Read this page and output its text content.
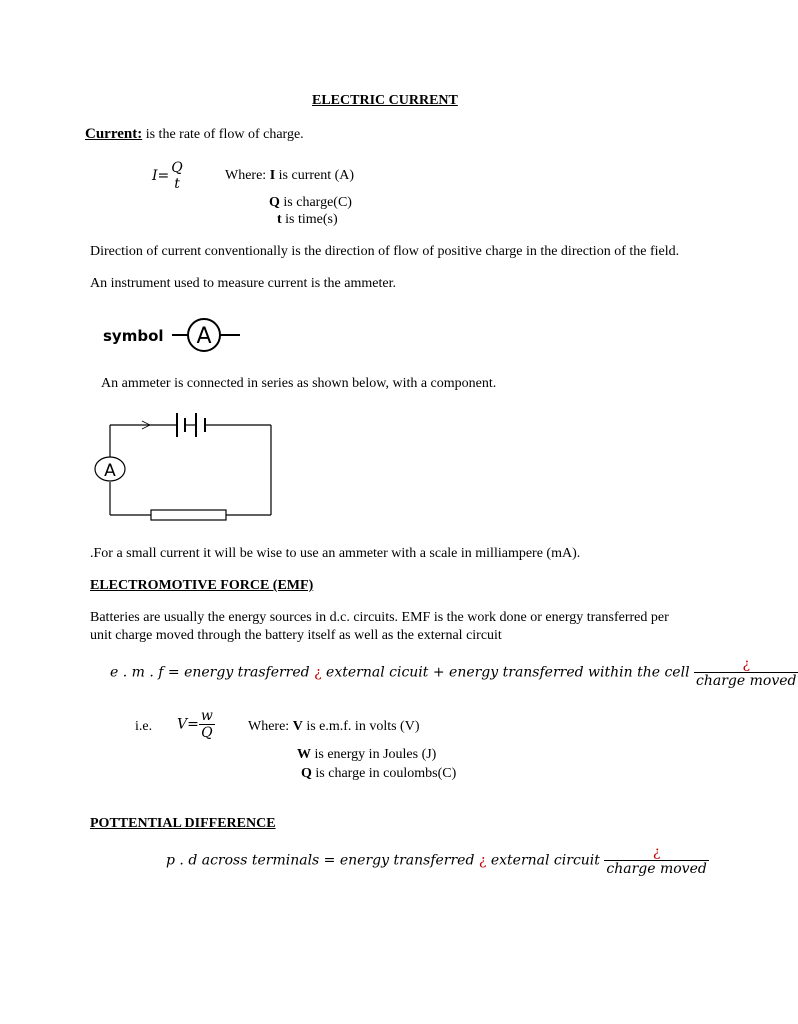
ELECTRIC CURRENT
Current: is the rate of flow of charge.
I= Q
t
Where: I is current (A)
Q is charge(C)
t is time(s)
Direction of current conventionally is the direction of flow of positive charge in the direction of the field.
An instrument used to measure current is the ammeter.
symbol A
An ammeter is connected in series as shown below, with a component.
A
.For a small current it will be wise to use an ammeter with a scale in milliampere (mA).
ELECTROMOTIVE FORCE (EMF)
Batteries are usually the energy sources in d.c. circuits. EMF is the work done or energy transferred per
unit charge moved through the battery itself as well as the external circuit
e . m . f = energy trasferred ¿ external cicuit + energy transferred within the cell $\frac{¿}{\text{charge moved}}$
i.e. $V= \frac{w}{Q}$ Where: V is e.m.f. in volts (V)
W is energy in Joules (J)
Q is charge in coulombs(C)
POTTENTIAL DIFFERENCE
p . d across terminals = energy transferred ¿ external circuit $\frac{¿}{\text{charge moved}}$
